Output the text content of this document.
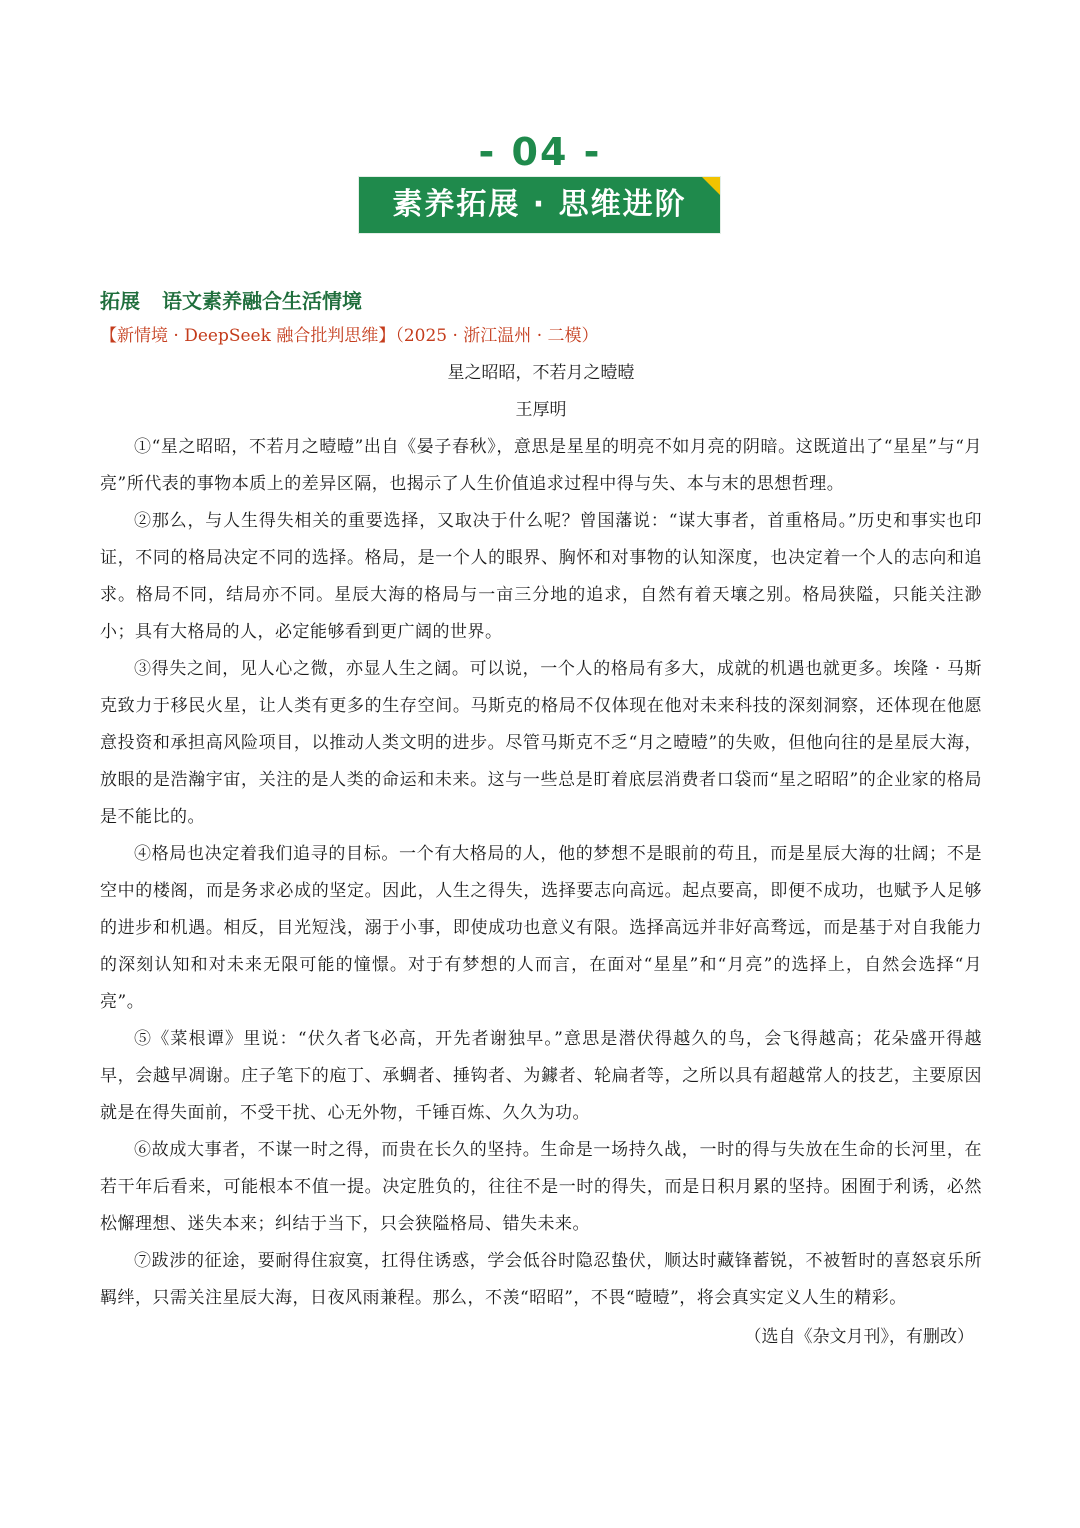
- 04 -
素养拓展 · 思维进阶
拓展 语文素养融合生活情境
【新情境 · DeepSeek 融合批判思维】（2025 · 浙江温州 · 二模）

星之昭昭，不若月之曀曀

王厚明

①“星之昭昭，不若月之曀曀”出自《晏子春秋》，意思是星星的明亮不如月亮的阴暗。这既道出了“星星”与“月亮”所代表的事物本质上的差异区隔，也揭示了人生价值追求过程中得与失、本与末的思想哲理。

②那么，与人生得失相关的重要选择，又取决于什么呢？曾国藩说：“谋大事者，首重格局。”历史和事实也印证，不同的格局决定不同的选择。格局，是一个人的眼界、胸怀和对事物的认知深度，也决定着一个人的志向和追求。格局不同，结局亦不同。星辰大海的格局与一亩三分地的追求，自然有着天壤之别。格局狭隘，只能关注渺小；具有大格局的人，必定能够看到更广阔的世界。

③得失之间，见人心之微，亦显人生之阔。可以说，一个人的格局有多大，成就的机遇也就更多。埃隆 · 马斯克致力于移民火星，让人类有更多的生存空间。马斯克的格局不仅体现在他对未来科技的深刻洞察，还体现在他愿意投资和承担高风险项目，以推动人类文明的进步。尽管马斯克不乏“月之曀曀”的失败，但他向往的是星辰大海，放眼的是浩瀚宇宙，关注的是人类的命运和未来。这与一些总是盯着底层消费者口袋而“星之昭昭”的企业家的格局是不能比的。

④格局也决定着我们追寻的目标。一个有大格局的人，他的梦想不是眼前的苟且，而是星辰大海的壮阔；不是空中的楼阁，而是务求必成的坚定。因此，人生之得失，选择要志向高远。起点要高，即便不成功，也赋予人足够的进步和机遇。相反，目光短浅，溺于小事，即使成功也意义有限。选择高远并非好高骛远，而是基于对自我能力的深刻认知和对未来无限可能的憧憬。对于有梦想的人而言，在面对“星星”和“月亮”的选择上，自然会选择“月亮”。

⑤《菜根谭》里说：“伏久者飞必高，开先者谢独早。”意思是潜伏得越久的鸟，会飞得越高；花朵盛开得越早，会越早凋谢。庄子笔下的庖丁、承蜩者、捶钩者、为鐻者、轮扁者等，之所以具有超越常人的技艺，主要原因就是在得失面前，不受干扰、心无外物，千锤百炼、久久为功。

⑥故成大事者，不谋一时之得，而贵在长久的坚持。生命是一场持久战，一时的得与失放在生命的长河里，在若干年后看来，可能根本不值一提。决定胜负的，往往不是一时的得失，而是日积月累的坚持。困囿于利诱，必然松懈理想、迷失本来；纠结于当下，只会狭隘格局、错失未来。

⑦跋涉的征途，要耐得住寂寞，扛得住诱惑，学会低谷时隐忍蛰伏，顺达时藏锋蓄锐，不被暂时的喜怒哀乐所羁绊，只需关注星辰大海，日夜风雨兼程。那么，不羡“昭昭”，不畏“曀曀”，将会真实定义人生的精彩。

（选自《杂文月刊》，有删改）
